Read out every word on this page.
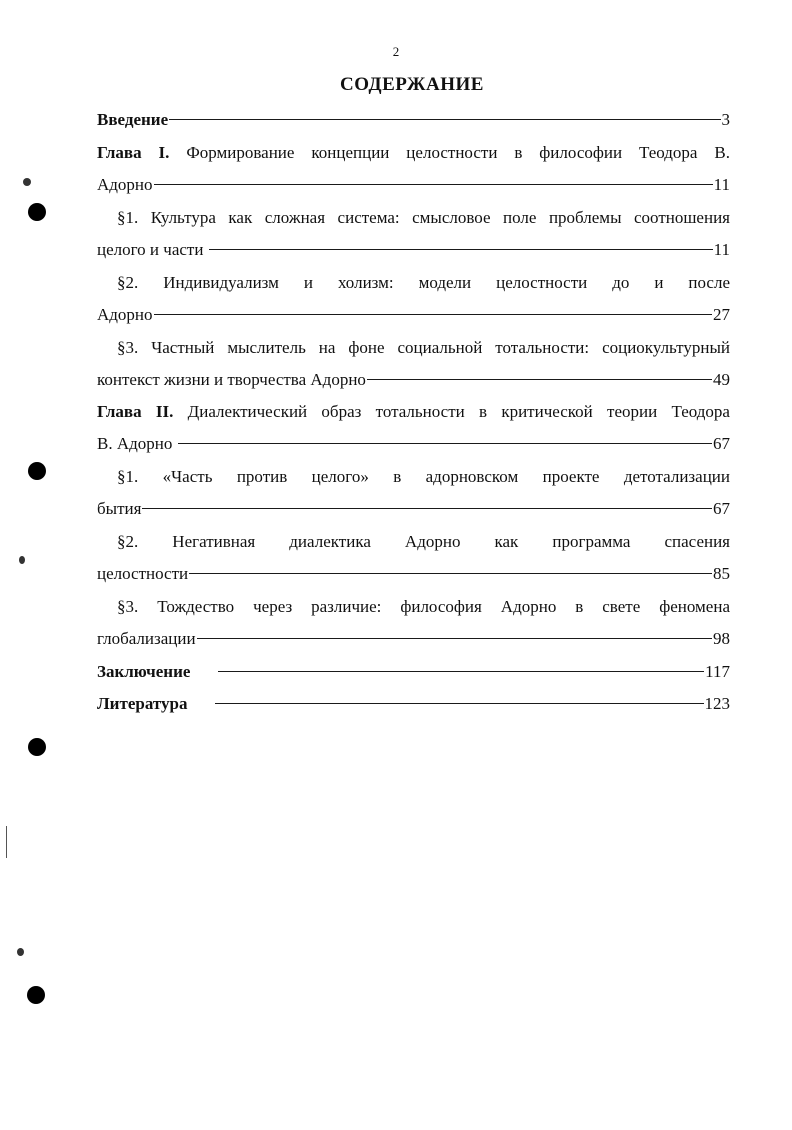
2
СОДЕРЖАНИЕ
Введение	3
Глава I. Формирование концепции целостности в философии Теодора В.
Адорно	11
§1. Культура как сложная система: смысловое поле проблемы соотношения
целого и части	11
§2. Индивидуализм и холизм: модели целостности до и после
Адорно	27
§3. Частный мыслитель на фоне социальной тотальности: социокультурный
контекст жизни и творчества Адорно	49
Глава II. Диалектический образ тотальности в критической теории Теодора
В. Адорно	67
§1. «Часть против целого» в адорновском проекте детотализации
бытия	67
§2. Негативная диалектика Адорно как программа спасения
целостности	85
§3. Тождество через различие: философия Адорно в свете феномена
глобализации	98
Заключение	117
Литература	123
